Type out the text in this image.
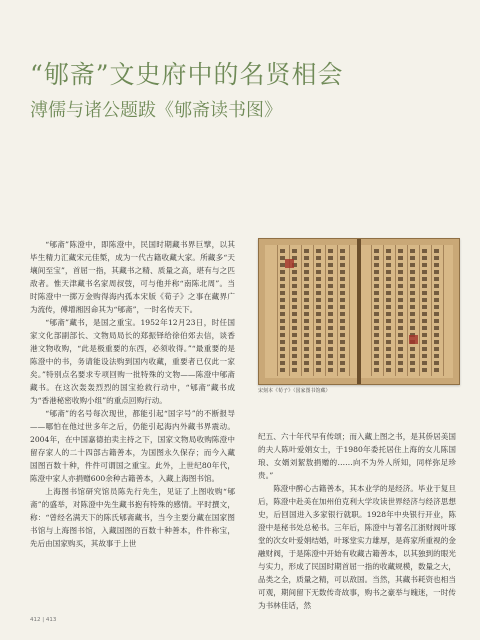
“郇斋”文史府中的名贤相会
溥儒与诸公题跋《郇斋读书图》

“郇斋”陈澄中，即陈澄中，民国时期藏书界巨擘，以其毕生精力汇藏宋元佳椠，成为一代古籍收藏大家。所藏多“天壤间至宝”，首屈一指，其藏书之精、质量之高，堪有与之匹敌者。惟天津藏书名家周叔弢，可与他并称“南陈北周”。当时陈澄中一掷万金购得海内孤本宋版《荀子》之事在藏界广为流传，傅增湘因命其为“郇斋”，一时名传天下。

“郇斋”藏书，是国之重宝。1952年12月23日，时任国家文化部副部长、文物局局长的郑振铎给徐伯郊去信，谈香港文物收购，“此是极重要的东西，必须收得。”“最重要的是陈澄中的书，务请能设法购到国内收藏，重要者已仅此一家矣。”特别点名要求专项回购一批特殊的文物——陈澄中郇斋藏书。在这次轰轰烈烈的国宝抢救行动中，“郇斋”藏书成为“香港秘密收购小组”的重点回购行动。

“郇斋”的名号每次现世，都能引起“国字号”的不断报导——哪怕在他过世多年之后，仍能引起海内外藏书界震动。2004年，在中国嘉德拍卖主持之下，国家文物局收购陈澄中留存家人的二十四部古籍善本，为国图永久保存；而今入藏国图百数十种，件件可谓国之重宝。此外，上世纪80年代，陈澄中家人亦捐赠600余种古籍善本，入藏上海图书馆。

上海图书馆研究馆员陈先行先生，见证了上图收购“郇斋”的盛举，对陈澄中先生藏书抱有特殊的感情。平时撰文，称：“曾经名满天下的陈氏郇斋藏书，当今主要分藏在国家图书馆与上海图书馆，入藏国图的百数十种善本，件件称宝，先后由国家购买，其故事于上世

宋刻本《荀子》（国家图书馆藏）

纪五、六十年代早有传颂；而入藏上图之书，是其侨居美国的夫人陈叶爱娟女士，于1980年委托居住上海的女儿陈国琅、女婿刘絜敖捐赠的……向不为外人所知，同样弥足珍贵。”

陈澄中醉心古籍善本，其本业学的是经济。毕业于复旦后，陈澄中赴美在加州伯克利大学攻读世界经济与经济思想史，后回国进入多家银行就职。1928年中央银行开业，陈澄中是秘书处总秘书。三年后，陈澄中与著名江浙财阀叶琢堂的次女叶爱娟结婚，叶琢堂实力雄厚，是蒋家所重视的金融财阀，于是陈澄中开始有收藏古籍善本，以其独到的眼光与实力，形成了民国时期首屈一指的收藏规模，数量之大，品类之全，质量之精，可以敌国。当然，其藏书耗资也相当可观，期间留下无数传奇故事，购书之豪举与魄迷，一时传为书林佳话，然

412 | 413
